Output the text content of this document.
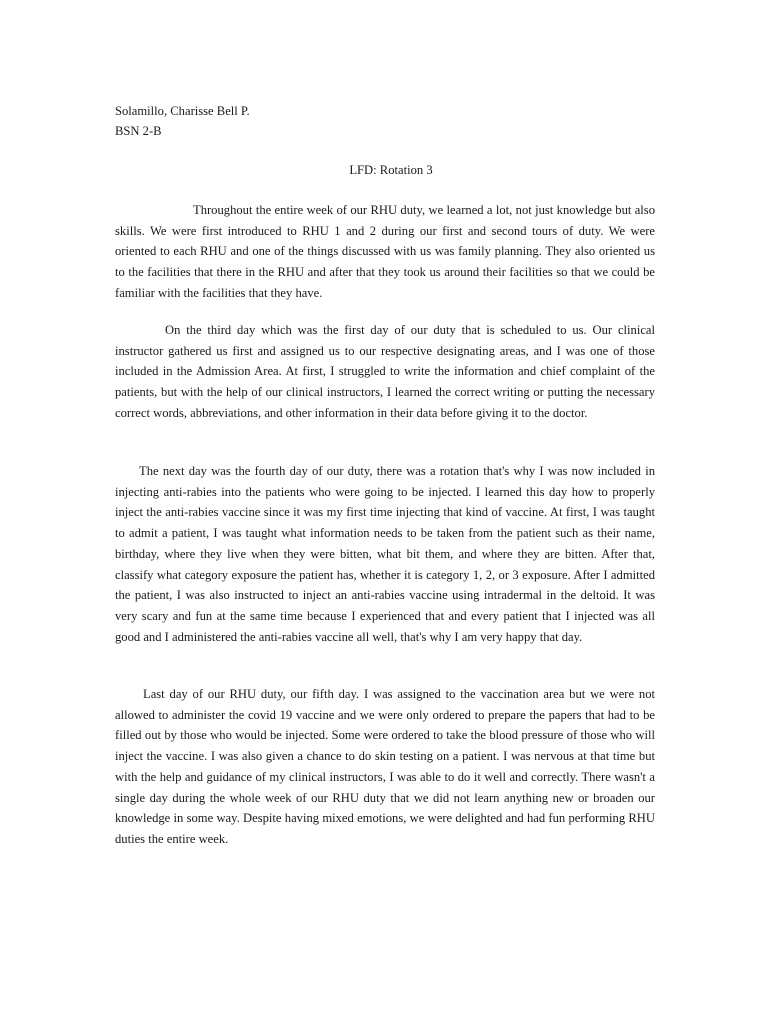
Solamillo, Charisse Bell P.
BSN 2-B
LFD: Rotation 3

Throughout the entire week of our RHU duty, we learned a lot, not just knowledge but also skills. We were first introduced to RHU 1 and 2 during our first and second tours of duty. We were oriented to each RHU and one of the things discussed with us was family planning. They also oriented us to the facilities that there in the RHU and after that they took us around their facilities so that we could be familiar with the facilities that they have.

On the third day which was the first day of our duty that is scheduled to us. Our clinical instructor gathered us first and assigned us to our respective designating areas, and I was one of those included in the Admission Area. At first, I struggled to write the information and chief complaint of the patients, but with the help of our clinical instructors, I learned the correct writing or putting the necessary correct words, abbreviations, and other information in their data before giving it to the doctor.

The next day was the fourth day of our duty, there was a rotation that's why I was now included in injecting anti-rabies into the patients who were going to be injected. I learned this day how to properly inject the anti-rabies vaccine since it was my first time injecting that kind of vaccine. At first, I was taught to admit a patient, I was taught what information needs to be taken from the patient such as their name, birthday, where they live when they were bitten, what bit them, and where they are bitten. After that, classify what category exposure the patient has, whether it is category 1, 2, or 3 exposure. After I admitted the patient, I was also instructed to inject an anti-rabies vaccine using intradermal in the deltoid. It was very scary and fun at the same time because I experienced that and every patient that I injected was all good and I administered the anti-rabies vaccine all well, that's why I am very happy that day.

Last day of our RHU duty, our fifth day. I was assigned to the vaccination area but we were not allowed to administer the covid 19 vaccine and we were only ordered to prepare the papers that had to be filled out by those who would be injected. Some were ordered to take the blood pressure of those who will inject the vaccine. I was also given a chance to do skin testing on a patient. I was nervous at that time but with the help and guidance of my clinical instructors, I was able to do it well and correctly. There wasn't a single day during the whole week of our RHU duty that we did not learn anything new or broaden our knowledge in some way. Despite having mixed emotions, we were delighted and had fun performing RHU duties the entire week.
